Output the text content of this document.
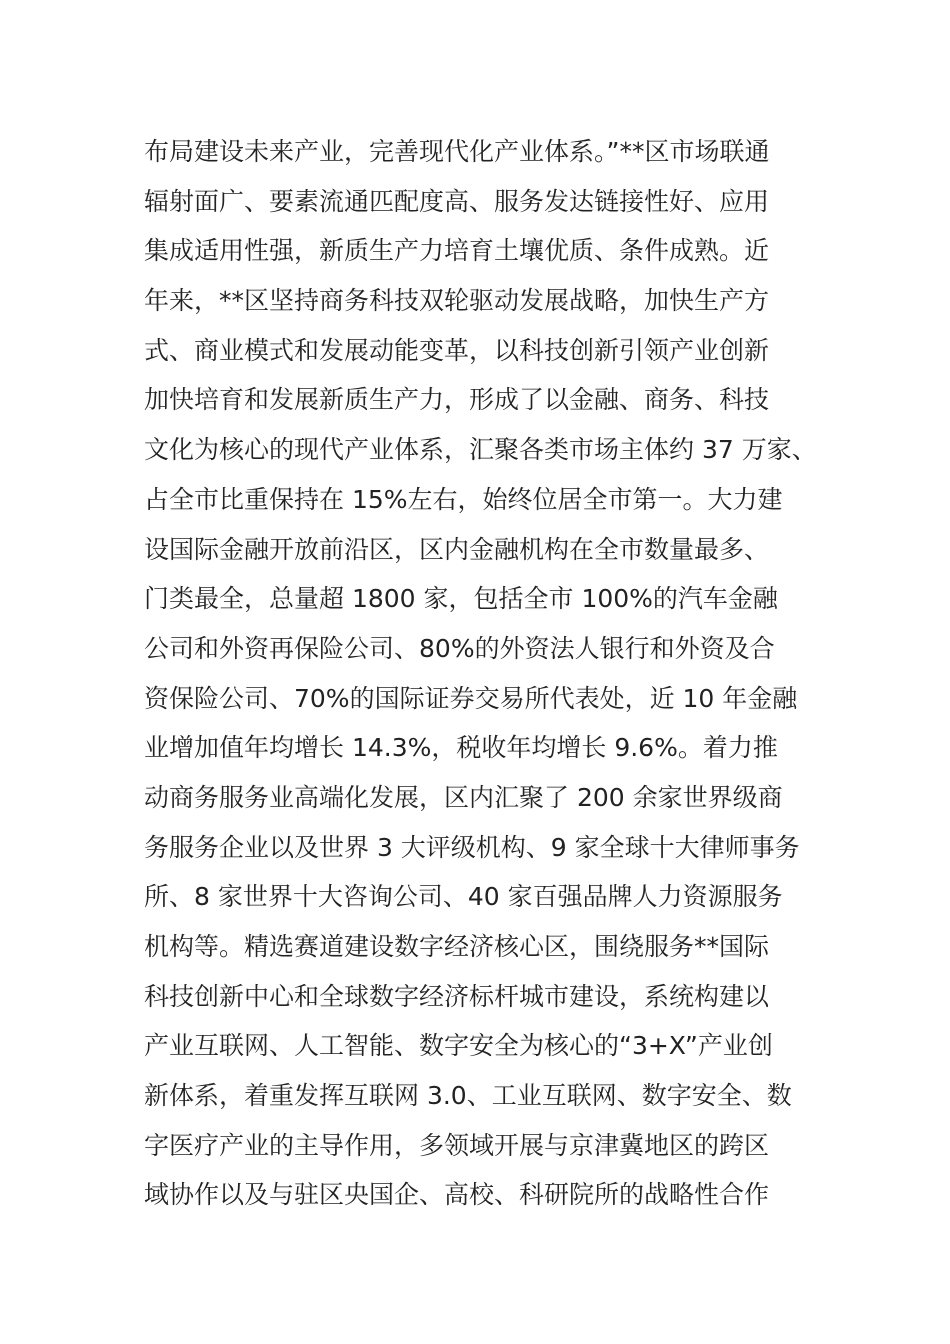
布局建设未来产业，完善现代化产业体系。”**区市场联通
辐射面广、要素流通匹配度高、服务发达链接性好、应用
集成适用性强，新质生产力培育土壤优质、条件成熟。近
年来，**区坚持商务科技双轮驱动发展战略，加快生产方
式、商业模式和发展动能变革，以科技创新引领产业创新
加快培育和发展新质生产力，形成了以金融、商务、科技
文化为核心的现代产业体系，汇聚各类市场主体约 37 万家、
占全市比重保持在 15%左右，始终位居全市第一。大力建
设国际金融开放前沿区，区内金融机构在全市数量最多、
门类最全，总量超 1800 家，包括全市 100%的汽车金融
公司和外资再保险公司、80%的外资法人银行和外资及合
资保险公司、70%的国际证券交易所代表处，近 10 年金融
业增加值年均增长 14.3%，税收年均增长 9.6%。着力推
动商务服务业高端化发展，区内汇聚了 200 余家世界级商
务服务企业以及世界 3 大评级机构、9 家全球十大律师事务
所、8 家世界十大咨询公司、40 家百强品牌人力资源服务
机构等。精选赛道建设数字经济核心区，围绕服务**国际
科技创新中心和全球数字经济标杆城市建设，系统构建以
产业互联网、人工智能、数字安全为核心的“3+X”产业创
新体系，着重发挥互联网 3.0、工业互联网、数字安全、数
字医疗产业的主导作用，多领域开展与京津冀地区的跨区
域协作以及与驻区央国企、高校、科研院所的战略性合作
